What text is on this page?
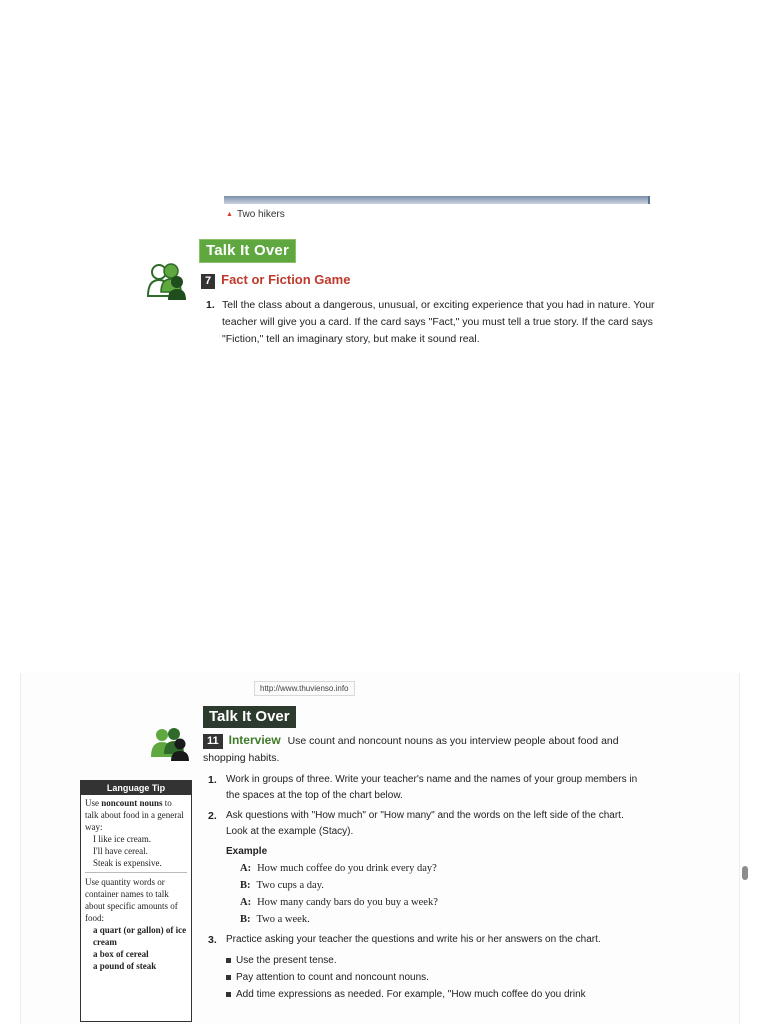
▲ Two hikers
Talk It Over
7 Fact or Fiction Game
1. Tell the class about a dangerous, unusual, or exciting experience that you had in nature. Your teacher will give you a card. If the card says "Fact," you must tell a true story. If the card says "Fiction," tell an imaginary story, but make it sound real.
http://www.thuvienso.info
Talk It Over
11 Interview Use count and noncount nouns as you interview people about food and shopping habits.
Language Tip
Use noncount nouns to talk about food in a general way:
I like ice cream.
I'll have cereal.
Steak is expensive.
Use quantity words or container names to talk about specific amounts of food:
a quart (or gallon) of ice cream
a box of cereal
a pound of steak
1. Work in groups of three. Write your teacher's name and the names of your group members in the spaces at the top of the chart below.
2. Ask questions with "How much" or "How many" and the words on the left side of the chart. Look at the example (Stacy).
Example
A: How much coffee do you drink every day?
B: Two cups a day.
A: How many candy bars do you buy a week?
B: Two a week.
3. Practice asking your teacher the questions and write his or her answers on the chart.
Use the present tense.
Pay attention to count and noncount nouns.
Add time expressions as needed. For example, "How much coffee do you drink
